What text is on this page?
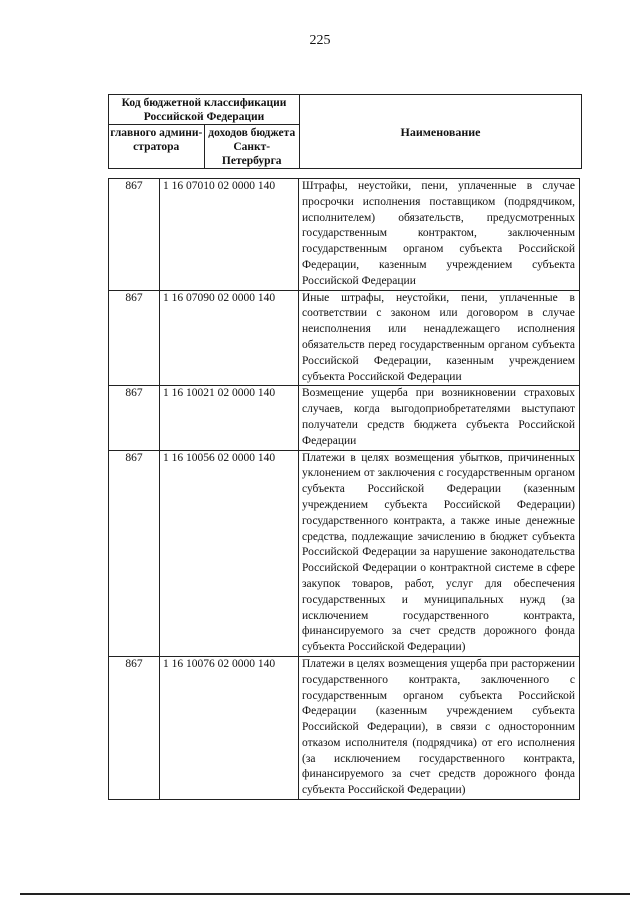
225
Код бюджетной классификации Российской Федерации		Наименование
главного админи-стратора	доходов бюджета Санкт-Петербурга	
867	1 16 07010 02 0000 140	Штрафы, неустойки, пени, уплаченные в случае просрочки исполнения поставщиком (подрядчиком, исполнителем) обязательств, предусмотренных государственным контрактом, заключенным государственным органом субъекта Российской Федерации, казенным учреждением субъекта Российской Федерации
867	1 16 07090 02 0000 140	Иные штрафы, неустойки, пени, уплаченные в соответствии с законом или договором в случае неисполнения или ненадлежащего исполнения обязательств перед государственным органом субъекта Российской Федерации, казенным учреждением субъекта Российской Федерации
867	1 16 10021 02 0000 140	Возмещение ущерба при возникновении страховых случаев, когда выгодоприобретателями выступают получатели средств бюджета субъекта Российской Федерации
867	1 16 10056 02 0000 140	Платежи в целях возмещения убытков, причиненных уклонением от заключения с государственным органом субъекта Российской Федерации (казенным учреждением субъекта Российской Федерации) государственного контракта, а также иные денежные средства, подлежащие зачислению в бюджет субъекта Российской Федерации за нарушение законодательства Российской Федерации о контрактной системе в сфере закупок товаров, работ, услуг для обеспечения государственных и муниципальных нужд (за исключением государственного контракта, финансируемого за счет средств дорожного фонда субъекта Российской Федерации)
867	1 16 10076 02 0000 140	Платежи в целях возмещения ущерба при расторжении государственного контракта, заключенного с государственным органом субъекта Российской Федерации (казенным учреждением субъекта Российской Федерации), в связи с односторонним отказом исполнителя (подрядчика) от его исполнения (за исключением государственного контракта, финансируемого за счет средств дорожного фонда субъекта Российской Федерации)
